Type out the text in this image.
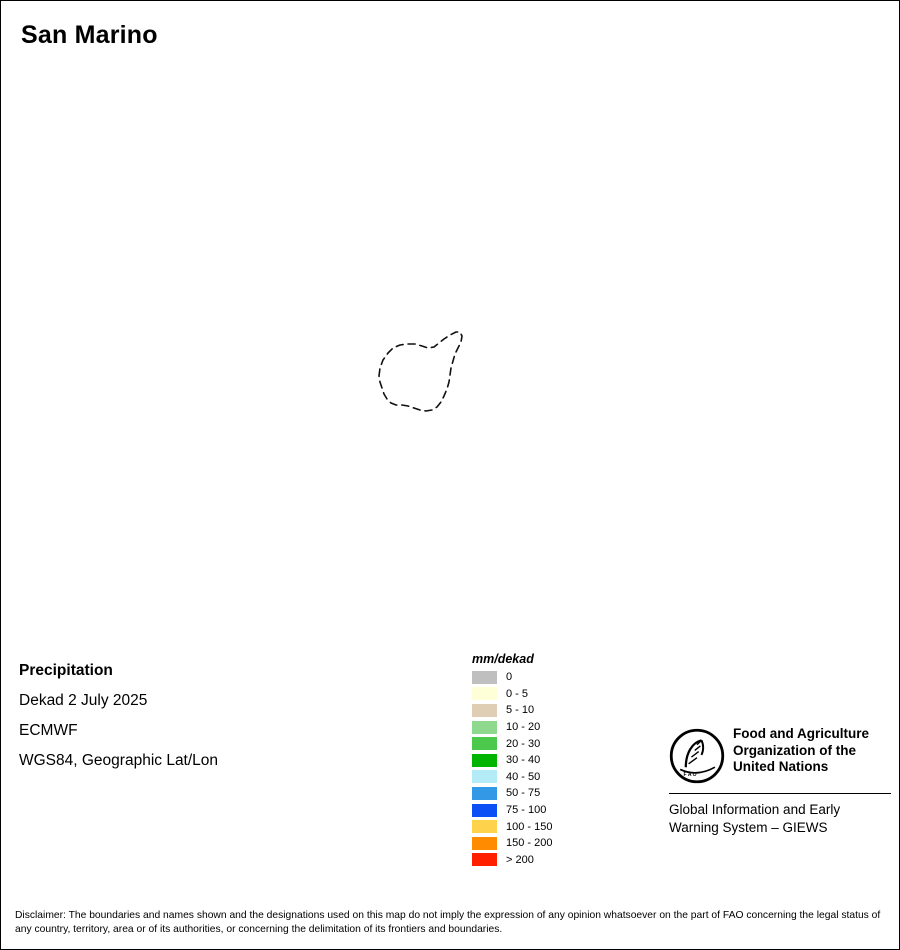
San Marino
Precipitation
Dekad 2 July 2025
ECMWF
WGS84, Geographic Lat/Lon
mm/dekad
0
0 - 5
5 - 10
10 - 20
20 - 30
30 - 40
40 - 50
50 - 75
75 - 100
100 - 150
150 - 200
> 200
F A O
Food and Agriculture
Organization of the
United Nations
Global Information and Early
Warning System – GIEWS
Disclaimer: The boundaries and names shown and the designations used on this map do not imply the expression of any opinion whatsoever on the part of FAO concerning the legal status of any country, territory, area or of its authorities, or concerning the delimitation of its frontiers and boundaries.
